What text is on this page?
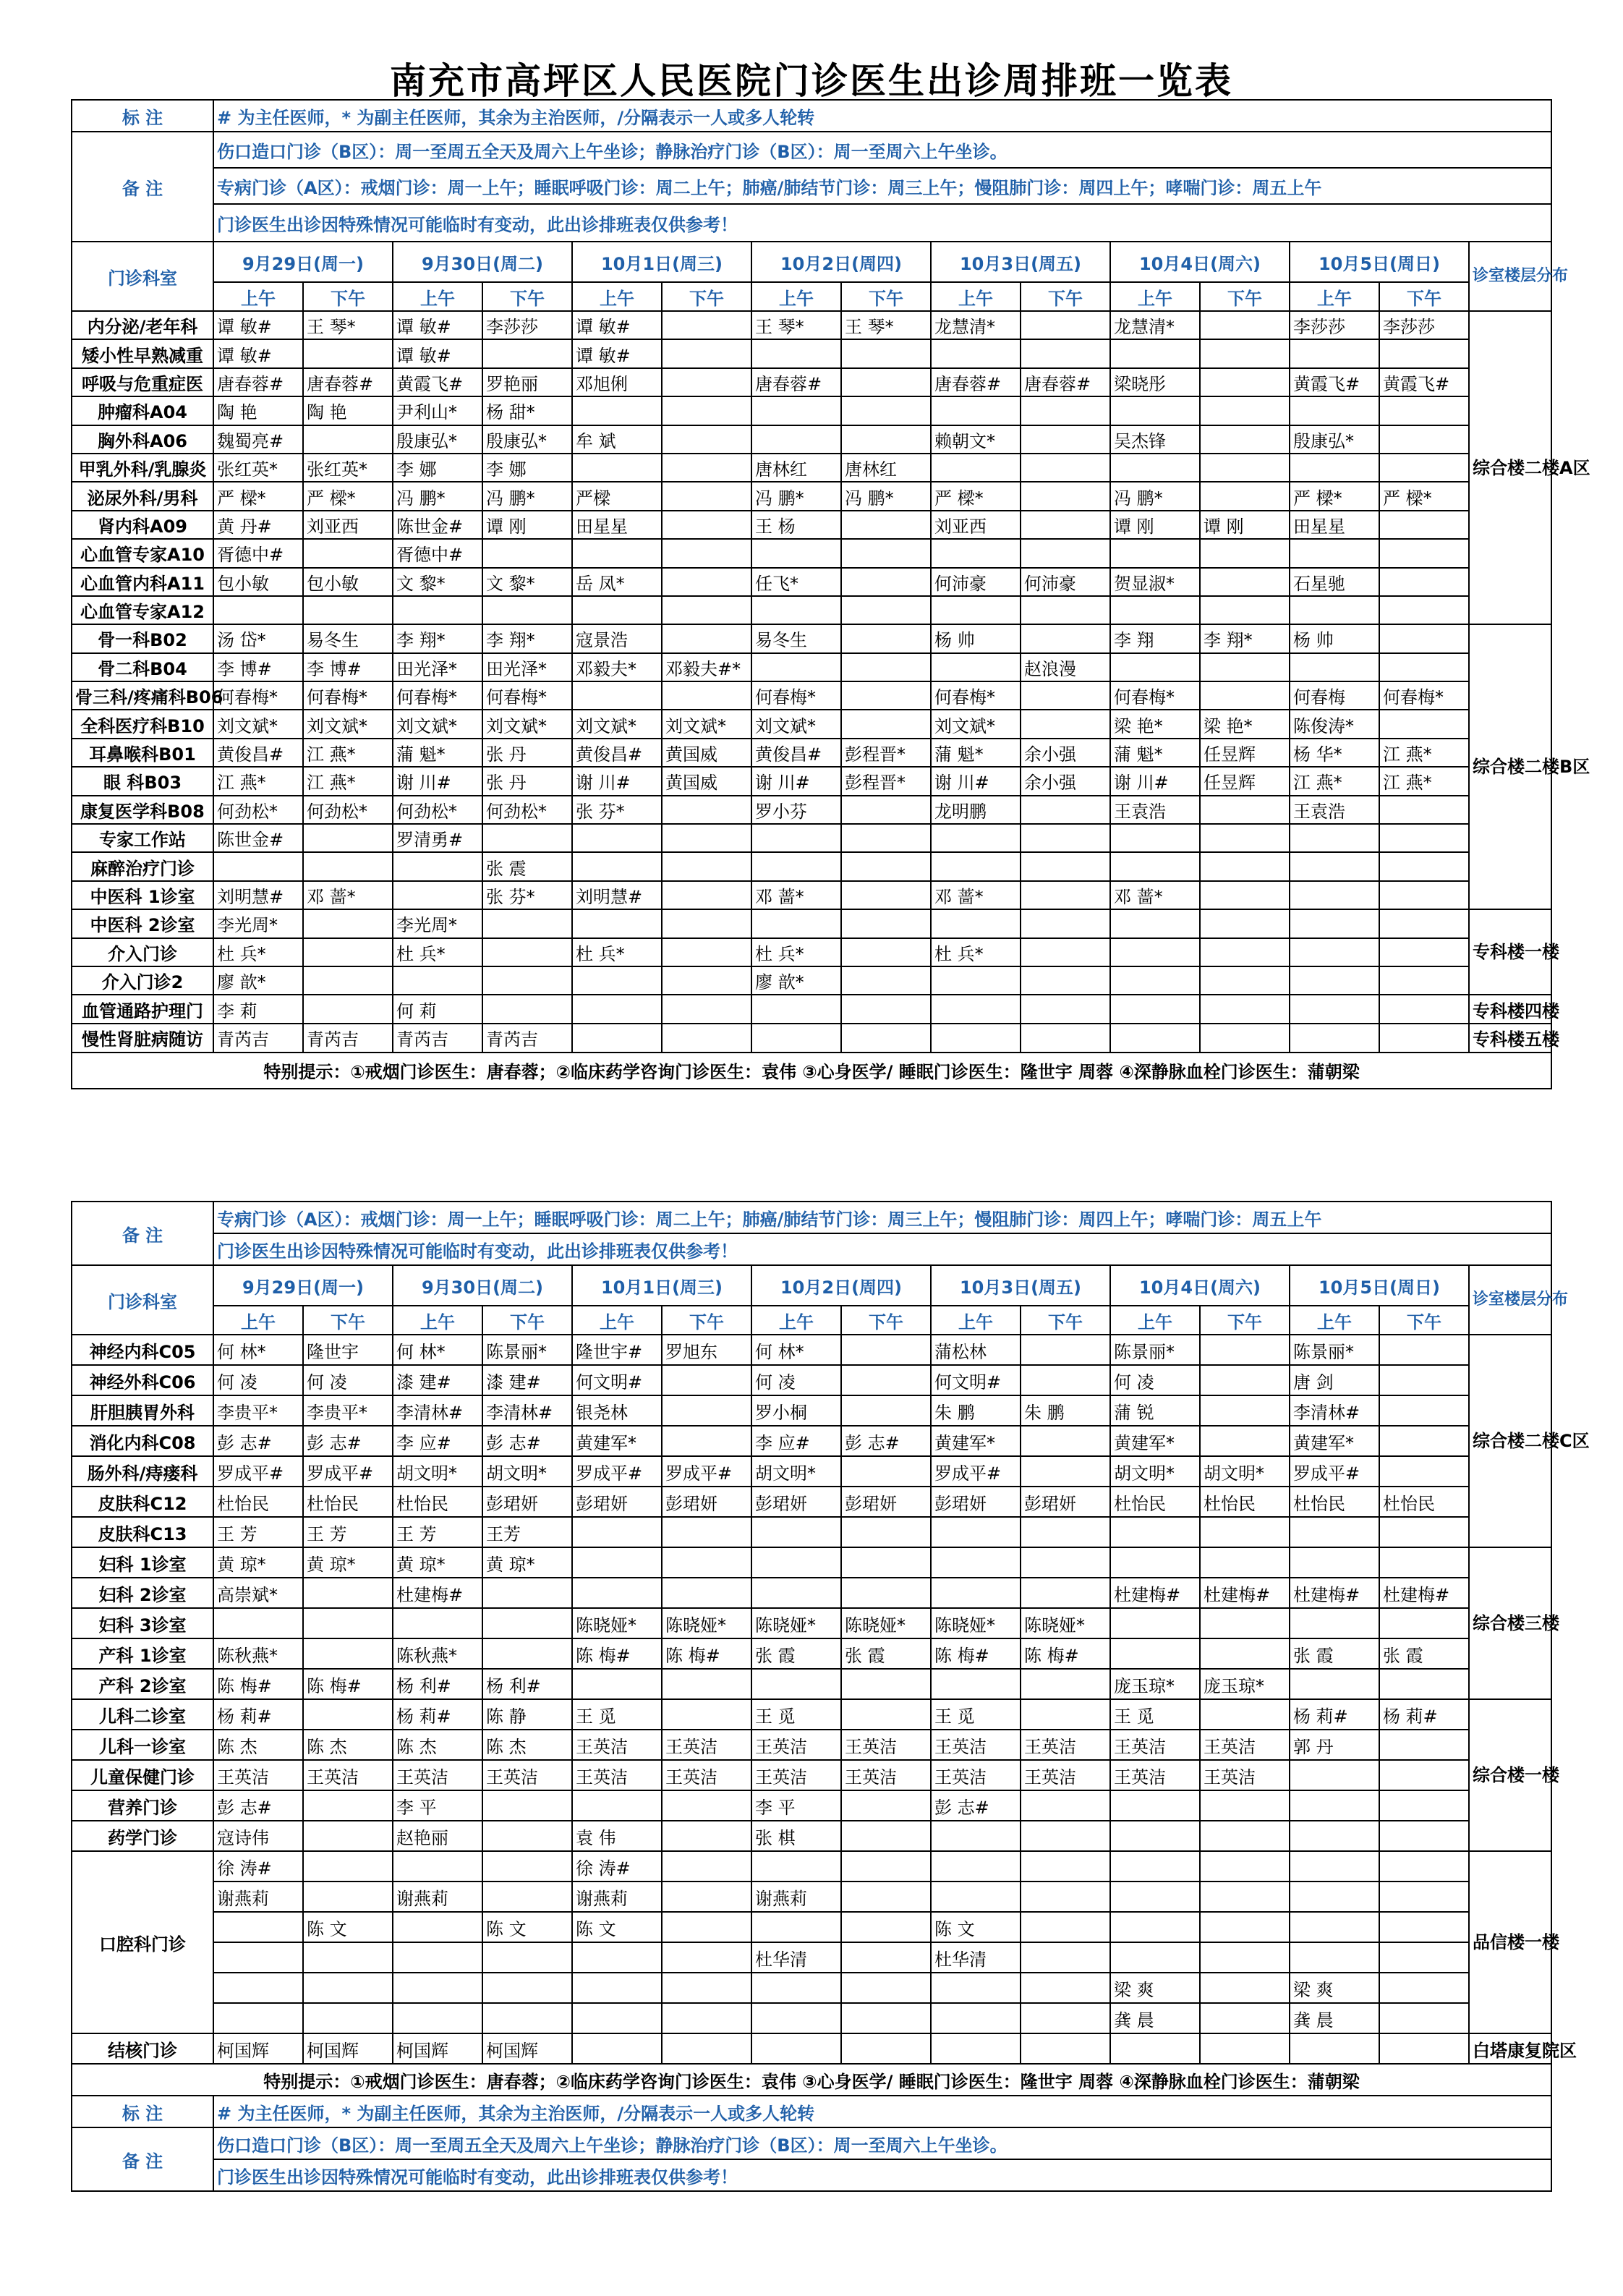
南充市高坪区人民医院门诊医生出诊周排班一览表
标 注	# 为主任医师，* 为副主任医师，其余为主治医师，/分隔表示一人或多人轮转														
备 注	伤口造口门诊（B区）：周一至周五全天及周六上午坐诊；静脉治疗门诊（B区）：周一至周六上午坐诊。														
	专病门诊（A区）：戒烟门诊：周一上午；睡眠呼吸门诊：周二上午；肺癌/肺结节门诊：周三上午；慢阻肺门诊：周四上午；哮喘门诊：周五上午														
	门诊医生出诊因特殊情况可能临时有变动，此出诊排班表仅供参考！														
门诊科室	9月29日(周一)		9月30日(周二)		10月1日(周三)		10月2日(周四)		10月3日(周五)		10月4日(周六)		10月5日(周日)		诊室楼层分布
	上午	下午	上午	下午	上午	下午	上午	下午	上午	下午	上午	下午	上午	下午	
内分泌/老年科	谭 敏#	王 琴*	谭 敏#	李莎莎	谭 敏#		王 琴*	王 琴*	龙慧清*		龙慧清*		李莎莎	李莎莎	综合楼二楼A区
矮小性早熟减重	谭 敏#		谭 敏#		谭 敏#										
呼吸与危重症医	唐春蓉#	唐春蓉#	黄霞飞#	罗艳丽	邓旭俐		唐春蓉#		唐春蓉#	唐春蓉#	梁晓彤		黄霞飞#	黄霞飞#	
肿瘤科A04	陶 艳	陶 艳	尹利山*	杨 甜*											
胸外科A06	魏蜀亮#		殷康弘*	殷康弘*	牟 斌				赖朝文*		吴杰锋		殷康弘*		
甲乳外科/乳腺炎	张红英*	张红英*	李 娜	李 娜			唐林红	唐林红							
泌尿外科/男科	严 樑*	严 樑*	冯 鹏*	冯 鹏*	严樑		冯 鹏*	冯 鹏*	严 樑*		冯 鹏*		严 樑*	严 樑*	
肾内科A09	黄 丹#	刘亚西	陈世金#	谭 刚	田星星		王 杨		刘亚西		谭 刚	谭 刚	田星星		
心血管专家A10	胥德中#		胥德中#												
心血管内科A11	包小敏	包小敏	文 黎*	文 黎*	岳 凤*		任飞*		何沛豪	何沛豪	贺显淑*		石星驰		
心血管专家A12															
骨一科B02	汤 岱*	易冬生	李 翔*	李 翔*	寇景浩		易冬生		杨 帅		李 翔	李 翔*	杨 帅		综合楼二楼B区
骨二科B04	李 博#	李 博#	田光泽*	田光泽*	邓毅夫*	邓毅夫#*				赵浪漫					
骨三科/疼痛科B06	何春梅*	何春梅*	何春梅*	何春梅*			何春梅*		何春梅*		何春梅*		何春梅	何春梅*	
全科医疗科B10	刘文斌*	刘文斌*	刘文斌*	刘文斌*	刘文斌*	刘文斌*	刘文斌*		刘文斌*		梁 艳*	梁 艳*	陈俊涛*		
耳鼻喉科B01	黄俊昌#	江 燕*	蒲 魁*	张 丹	黄俊昌#	黄国威	黄俊昌#	彭程晋*	蒲 魁*	余小强	蒲 魁*	任昱辉	杨 华*	江 燕*	
眼 科B03	江 燕*	江 燕*	谢 川#	张 丹	谢 川#	黄国威	谢 川#	彭程晋*	谢 川#	余小强	谢 川#	任昱辉	江 燕*	江 燕*	
康复医学科B08	何劲松*	何劲松*	何劲松*	何劲松*	张 芬*		罗小芬		龙明鹏		王袁浩		王袁浩		
专家工作站	陈世金#		罗清勇#												
麻醉治疗门诊				张 震											
中医科 1诊室	刘明慧#	邓 蔷*		张 芬*	刘明慧#		邓 蔷*		邓 蔷*		邓 蔷*				
中医科 2诊室	李光周*		李光周*												专科楼一楼
介入门诊	杜 兵*		杜 兵*		杜 兵*		杜 兵*		杜 兵*						
介入门诊2	廖 歆*						廖 歆*								
血管通路护理门	李 莉		何 莉												专科楼四楼
慢性肾脏病随访	青芮吉	青芮吉	青芮吉	青芮吉											专科楼五楼
特别提示：①戒烟门诊医生：唐春蓉；②临床药学咨询门诊医生：袁伟 ③心身医学/ 睡眠门诊医生：隆世宇 周蓉 ④深静脉血栓门诊医生：蒲朝梁															
备 注	专病门诊（A区）：戒烟门诊：周一上午；睡眠呼吸门诊：周二上午；肺癌/肺结节门诊：周三上午；慢阻肺门诊：周四上午；哮喘门诊：周五上午														
	门诊医生出诊因特殊情况可能临时有变动，此出诊排班表仅供参考！														
门诊科室	9月29日(周一)		9月30日(周二)		10月1日(周三)		10月2日(周四)		10月3日(周五)		10月4日(周六)		10月5日(周日)		诊室楼层分布
	上午	下午	上午	下午	上午	下午	上午	下午	上午	下午	上午	下午	上午	下午	
神经内科C05	何 林*	隆世宇	何 林*	陈景丽*	隆世宇#	罗旭东	何 林*		蒲松林		陈景丽*		陈景丽*		综合楼二楼C区
神经外科C06	何 凌	何 凌	漆 建#	漆 建#	何文明#		何 凌		何文明#		何 凌		唐 剑		
肝胆胰胃外科	李贵平*	李贵平*	李清林#	李清林#	银尧林		罗小桐		朱 鹏	朱 鹏	蒲 锐		李清林#		
消化内科C08	彭 志#	彭 志#	李 应#	彭 志#	黄建军*		李 应#	彭 志#	黄建军*		黄建军*		黄建军*		
肠外科/痔瘘科	罗成平#	罗成平#	胡文明*	胡文明*	罗成平#	罗成平#	胡文明*		罗成平#		胡文明*	胡文明*	罗成平#		
皮肤科C12	杜怡民	杜怡民	杜怡民	彭珺妍	彭珺妍	彭珺妍	彭珺妍	彭珺妍	彭珺妍	彭珺妍	杜怡民	杜怡民	杜怡民	杜怡民	
皮肤科C13	王 芳	王 芳	王 芳	王芳											
妇科 1诊室	黄 琼*	黄 琼*	黄 琼*	黄 琼*											综合楼三楼
妇科 2诊室	高崇斌*		杜建梅#								杜建梅#	杜建梅#	杜建梅#	杜建梅#	
妇科 3诊室					陈晓娅*	陈晓娅*	陈晓娅*	陈晓娅*	陈晓娅*	陈晓娅*					
产科 1诊室	陈秋燕*		陈秋燕*		陈 梅#	陈 梅#	张 霞	张 霞	陈 梅#	陈 梅#			张 霞	张 霞	
产科 2诊室	陈 梅#	陈 梅#	杨 利#	杨 利#							庞玉琼*	庞玉琼*			
儿科二诊室	杨 莉#		杨 莉#	陈 静	王 觅		王 觅		王 觅		王 觅		杨 莉#	杨 莉#	综合楼一楼
儿科一诊室	陈 杰	陈 杰	陈 杰	陈 杰	王英洁	王英洁	王英洁	王英洁	王英洁	王英洁	王英洁	王英洁	郭 丹		
儿童保健门诊	王英洁	王英洁	王英洁	王英洁	王英洁	王英洁	王英洁	王英洁	王英洁	王英洁	王英洁	王英洁			
营养门诊	彭 志#		李 平				李 平		彭 志#						
药学门诊	寇诗伟		赵艳丽		袁 伟		张 棋								
口腔科门诊	徐 涛#				徐 涛#										品信楼一楼
	谢燕莉		谢燕莉		谢燕莉		谢燕莉								
		陈 文		陈 文	陈 文				陈 文						
							杜华清		杜华清						
											梁 爽		梁 爽		
											龚 晨		龚 晨		
结核门诊	柯国辉	柯国辉	柯国辉	柯国辉											白塔康复院区
特别提示：①戒烟门诊医生：唐春蓉；②临床药学咨询门诊医生：袁伟 ③心身医学/ 睡眠门诊医生：隆世宇 周蓉 ④深静脉血栓门诊医生：蒲朝梁															
标 注	# 为主任医师，* 为副主任医师，其余为主治医师，/分隔表示一人或多人轮转														
备 注	伤口造口门诊（B区）：周一至周五全天及周六上午坐诊；静脉治疗门诊（B区）：周一至周六上午坐诊。														
	门诊医生出诊因特殊情况可能临时有变动，此出诊排班表仅供参考！														
